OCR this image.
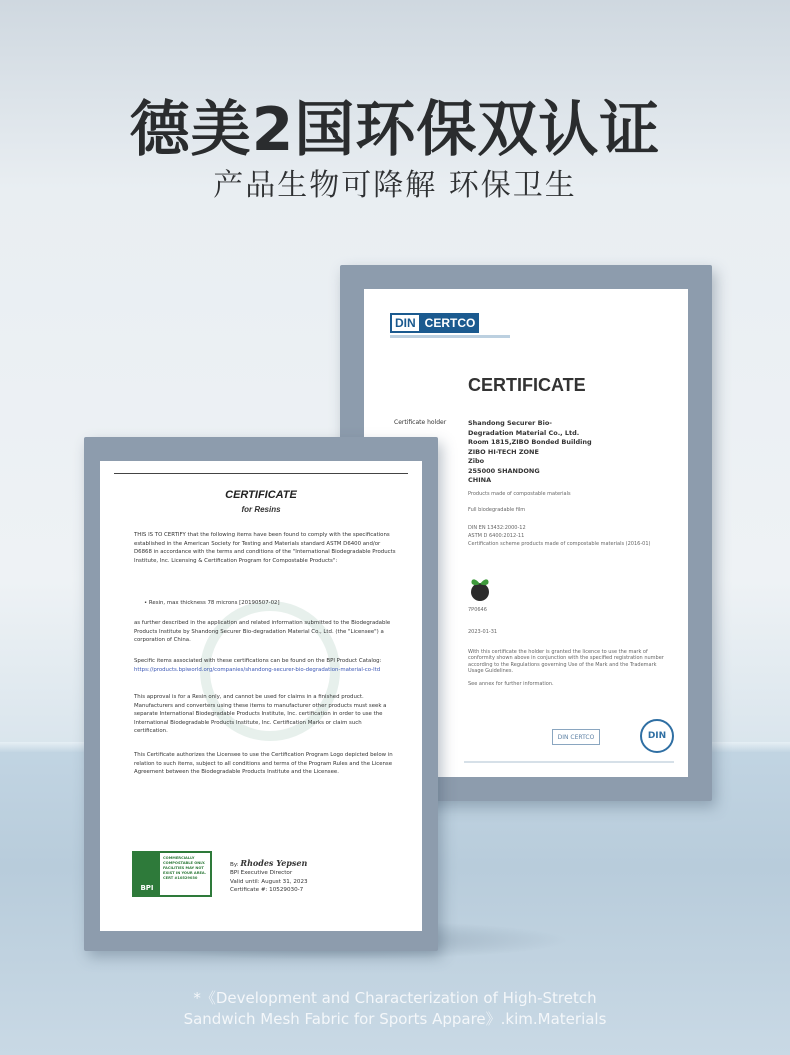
德美2国环保双认证
产品生物可降解 环保卫生
DIN CERTCO
CERTIFICATE
Certificate holder	Shandong Securer Bio-
Degradation Material Co., Ltd.
Room 1815,ZIBO Bonded Building
ZIBO HI-TECH ZONE
Zibo
255000 SHANDONG
CHINA
Products made of compostable materials
Full biodegradable film
DIN EN 13432:2000-12
ASTM D 6400:2012-11
Certification scheme products made of compostable materials (2016-01)
7P0646
2023-01-31
With this certificate the holder is granted the licence to use the mark of conformity shown above in conjunction with the specified registration number according to the Regulations governing Use of the Mark and the Trademark Usage Guidelines.
See annex for further information.
DIN CERTCO	DIN
CERTIFICATE
for Resins
THIS IS TO CERTIFY that the following items have been found to comply with the specifications established in the American Society for Testing and Materials standard ASTM D6400 and/or D6868 in accordance with the terms and conditions of the "International Biodegradable Products Institute, Inc. Licensing & Certification Program for Compostable Products":
• Resin, max thickness 78 microns [20190507-02]
as further described in the application and related information submitted to the Biodegradable Products Institute by Shandong Securer Bio-degradation Material Co., Ltd. (the "Licensee") a corporation of China.
Specific items associated with these certifications can be found on the BPI Product Catalog: https://products.bpiworld.org/companies/shandong-securer-bio-degradation-material-co-ltd
This approval is for a Resin only, and cannot be used for claims in a finished product. Manufacturers and converters using these items to manufacturer other products must seek a separate International Biodegradable Products Institute, Inc. certification in order to use the International Biodegradable Products Institute, Inc. Certification Marks or claim such certification.
This Certificate authorizes the Licensee to use the Certification Program Logo depicted below in relation to such items, subject to all conditions and terms of the Program Rules and the License Agreement between the Biodegradable Products Institute and the Licensee.
BPI
COMMERCIALLY COMPOSTABLE ONLY. FACILITIES MAY NOT EXIST IN YOUR AREA. CERT #10529030
By: Rhodes Yepsen
BPI Executive Director
Valid until: August 31, 2023
Certificate #: 10529030-7
*《Development and Characterization of High-Stretch
Sandwich Mesh Fabric for Sports Appare》.kim.Materials
